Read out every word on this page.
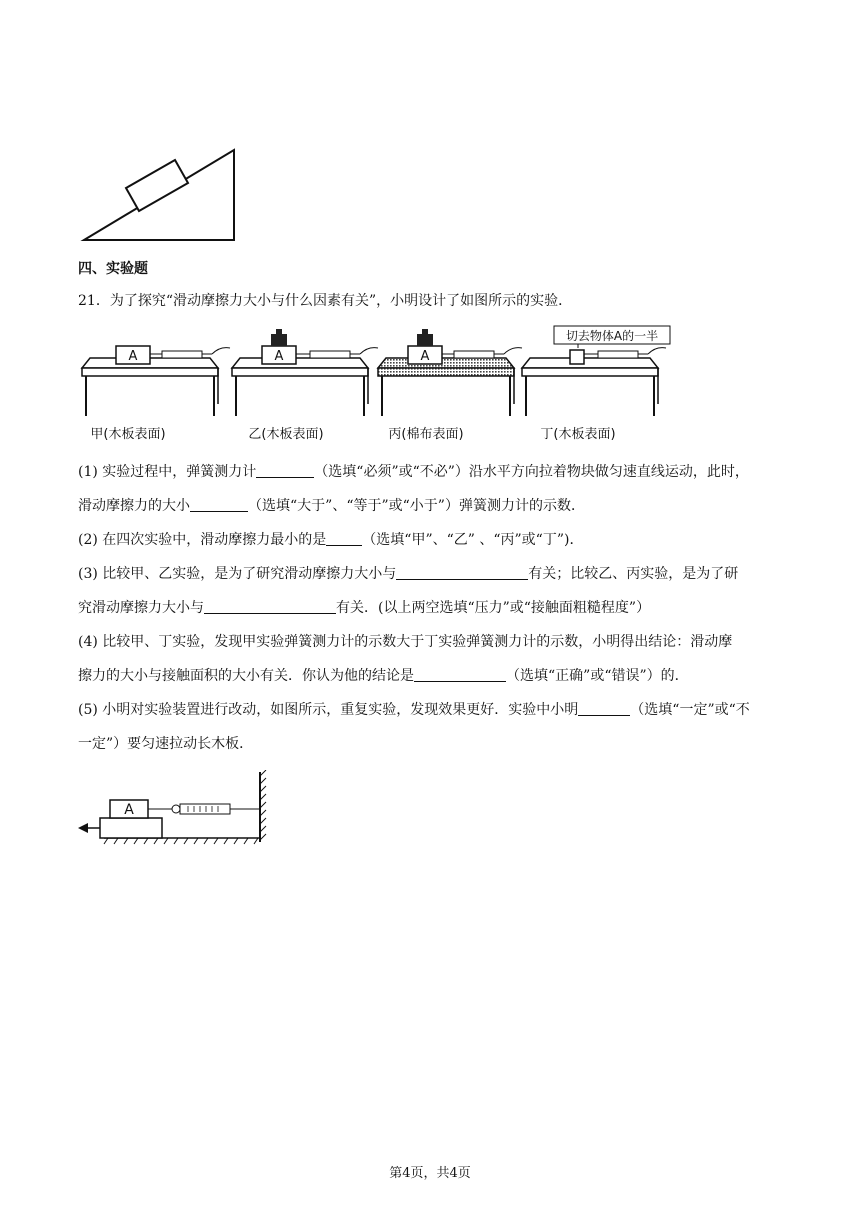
四、实验题
21．为了探究“滑动摩擦力大小与什么因素有关”，小明设计了如图所示的实验．
A	A	A
切去物体A的一半
甲(木板表面)	乙(木板表面)	丙(棉布表面)	丁(木板表面)
(1) 实验过程中，弹簧测力计	（选填“必须”或“不必”）沿水平方向拉着物块做匀速直线运动，此时，
滑动摩擦力的大小	（选填“大于”、“等于”或“小于”）弹簧测力计的示数．
(2) 在四次实验中，滑动摩擦力最小的是	（选填“甲”、“乙” 、“丙”或“丁”)．
(3) 比较甲、乙实验，是为了研究滑动摩擦力大小与	有关；比较乙、丙实验，是为了研
究滑动摩擦力大小与	有关．(以上两空选填“压力”或“接触面粗糙程度”）
(4) 比较甲、丁实验，发现甲实验弹簧测力计的示数大于丁实验弹簧测力计的示数，小明得出结论：滑动摩
擦力的大小与接触面积的大小有关．你认为他的结论是	（选填“正确”或“错误”）的．
(5) 小明对实验装置进行改动，如图所示，重复实验，发现效果更好．实验中小明	（选填“一定”或“不
一定”）要匀速拉动长木板．
A
第4页，共4页
